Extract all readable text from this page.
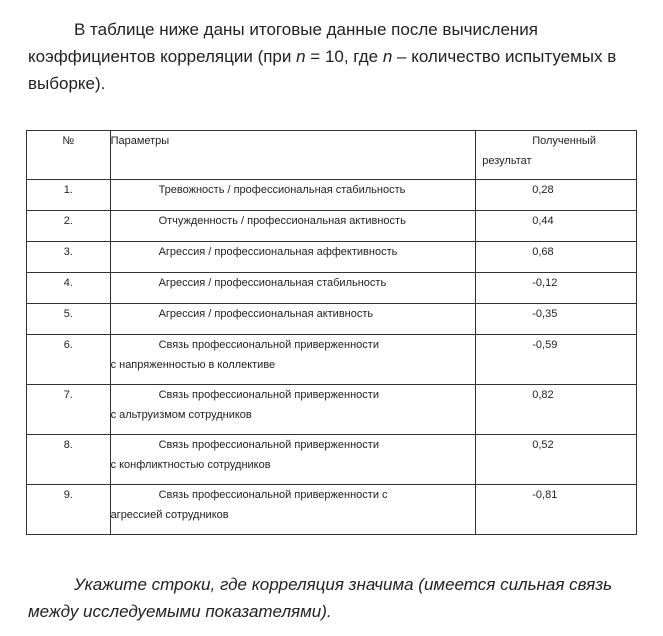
В таблице ниже даны итоговые данные после вычисления коэффициентов корреляции (при n = 10, где n – количество испытуемых в выборке).

№	Параметры	Полученный
результат

1.	Тревожность / профессиональная стабильность	0,28

2.	Отчужденность / профессиональная активность	0,44

3.	Агрессия / профессиональная аффективность	0,68

4.	Агрессия / профессиональная стабильность	-0,12

5.	Агрессия / профессиональная активность	-0,35

6.	Связь профессиональной приверженности
с напряженностью в коллективе	-0,59

7.	Связь профессиональной приверженности
с альтруизмом сотрудников	0,82

8.	Связь профессиональной приверженности
с конфликтностью сотрудников	0,52

9.	Связь профессиональной приверженности с
агрессией сотрудников	-0,81

Укажите строки, где корреляция значима (имеется сильная связь между исследуемыми показателями).
